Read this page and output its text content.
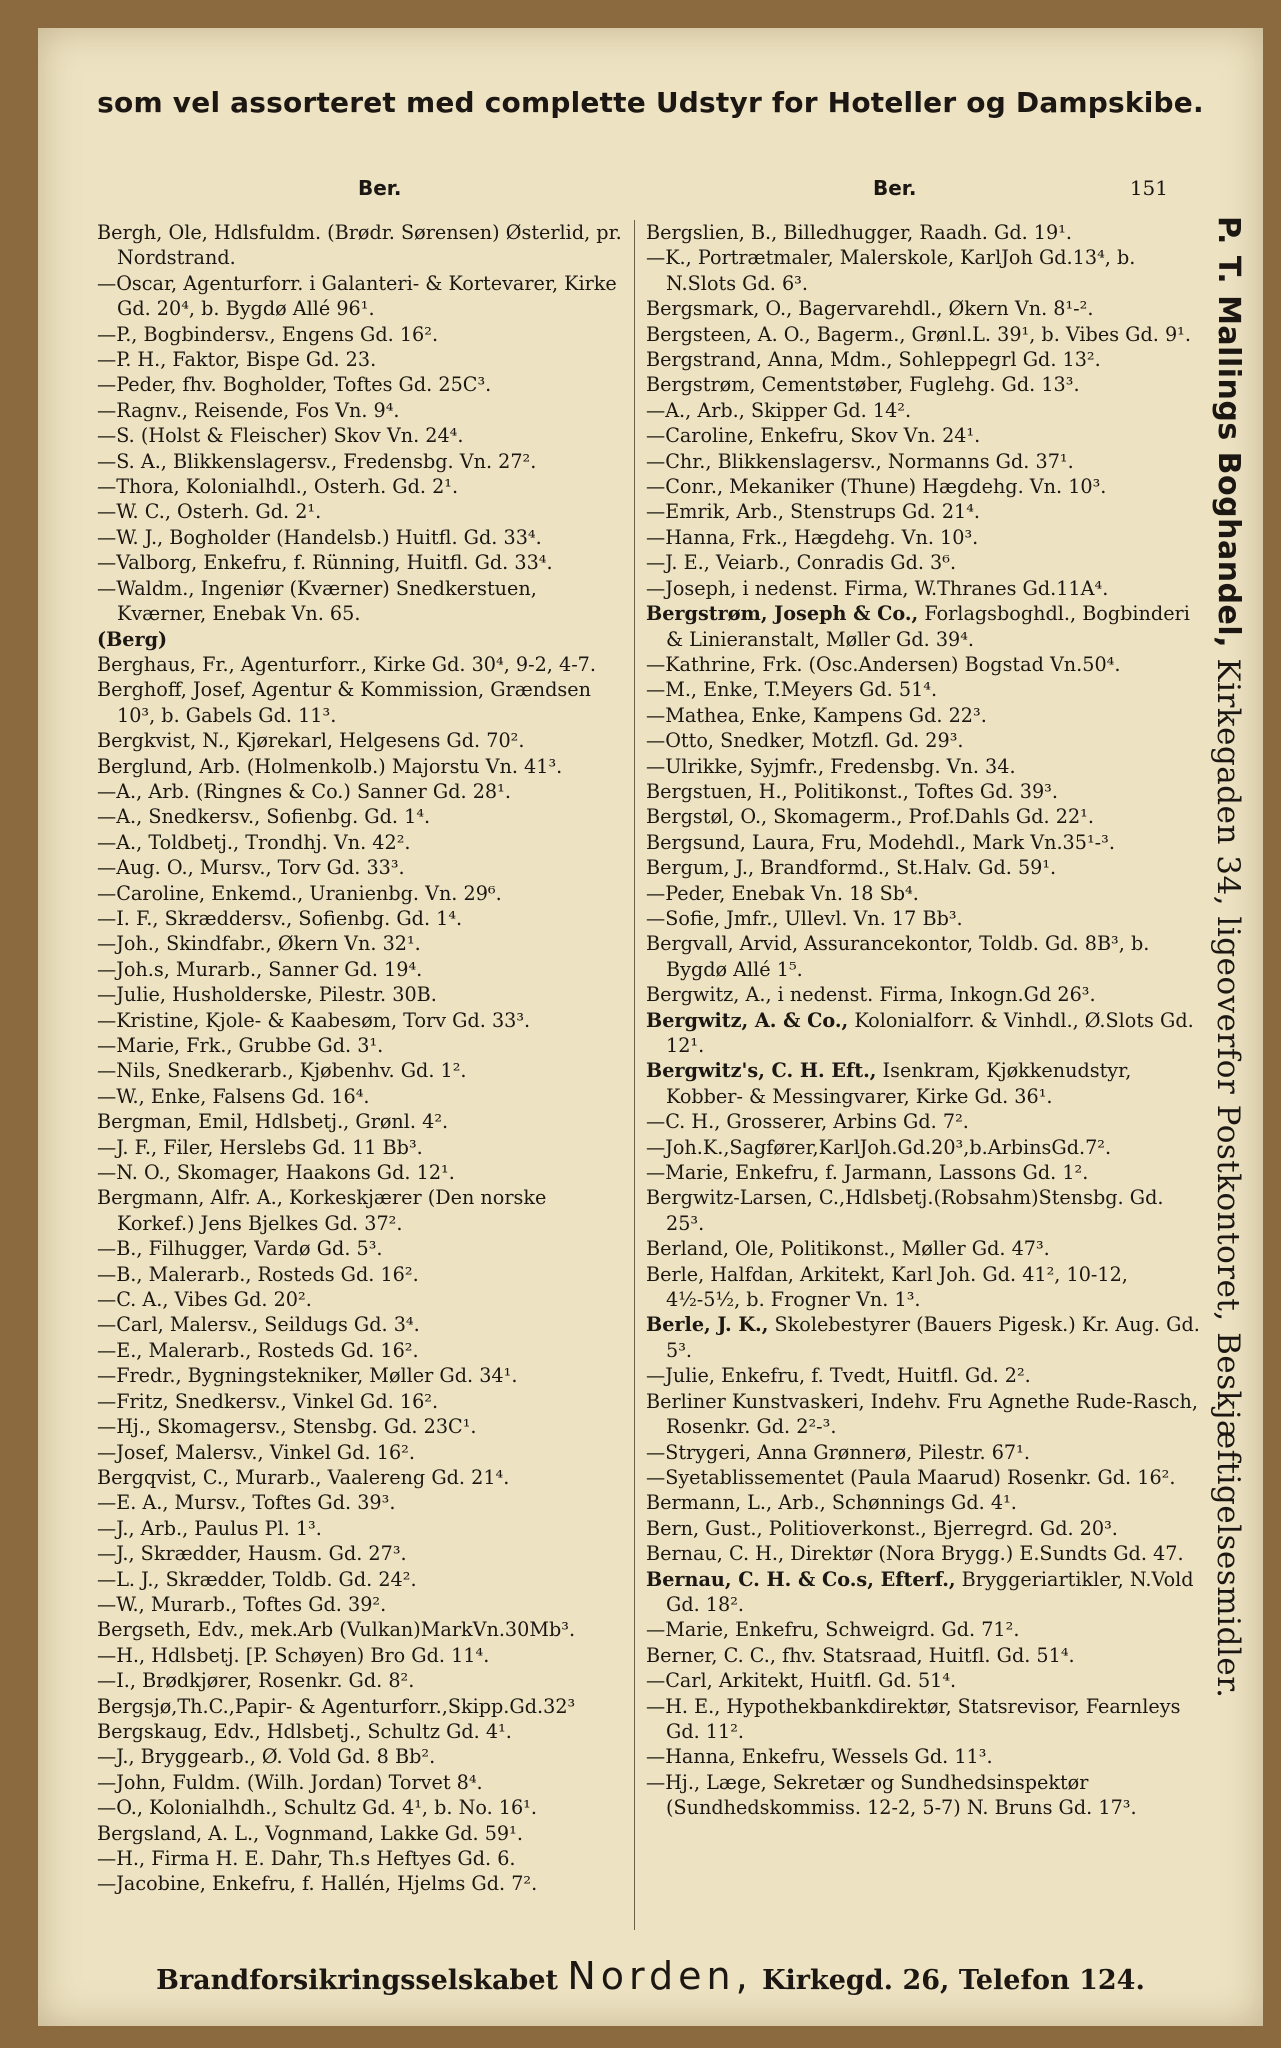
som vel assorteret med complette Udstyr for Hoteller og Dampskibe.
Ber.	Ber.	151
Bergh, Ole, Hdlsfuldm. (Brødr. Sørensen) Østerlid, pr. Nordstrand.
—Oscar, Agenturforr. i Galanteri- & Kortevarer, Kirke Gd. 20⁴, b. Bygdø Allé 96¹.
—P., Bogbindersv., Engens Gd. 16².
—P. H., Faktor, Bispe Gd. 23.
—Peder, fhv. Bogholder, Toftes Gd. 25C³.
—Ragnv., Reisende, Fos Vn. 9⁴.
—S. (Holst & Fleischer) Skov Vn. 24⁴.
—S. A., Blikkenslagersv., Fredensbg. Vn. 27².
—Thora, Kolonialhdl., Osterh. Gd. 2¹.
—W. C., Osterh. Gd. 2¹.
—W. J., Bogholder (Handelsb.) Huitfl. Gd. 33⁴.
—Valborg, Enkefru, f. Rünning, Huitfl. Gd. 33⁴.
—Waldm., Ingeniør (Kværner) Snedkerstuen, Kværner, Enebak Vn. 65.
(Berg)
Berghaus, Fr., Agenturforr., Kirke Gd. 30⁴, 9-2, 4-7.
Berghoff, Josef, Agentur & Kommission, Grændsen 10³, b. Gabels Gd. 11³.
Bergkvist, N., Kjørekarl, Helgesens Gd. 70².
Berglund, Arb. (Holmenkolb.) Majorstu Vn. 41³.
—A., Arb. (Ringnes & Co.) Sanner Gd. 28¹.
—A., Snedkersv., Sofienbg. Gd. 1⁴.
—A., Toldbetj., Trondhj. Vn. 42².
—Aug. O., Mursv., Torv Gd. 33³.
—Caroline, Enkemd., Uranienbg. Vn. 29⁶.
—I. F., Skræddersv., Sofienbg. Gd. 1⁴.
—Joh., Skindfabr., Økern Vn. 32¹.
—Joh.s, Murarb., Sanner Gd. 19⁴.
—Julie, Husholderske, Pilestr. 30B.
—Kristine, Kjole- & Kaabesøm, Torv Gd. 33³.
—Marie, Frk., Grubbe Gd. 3¹.
—Nils, Snedkerarb., Kjøbenhv. Gd. 1².
—W., Enke, Falsens Gd. 16⁴.
Bergman, Emil, Hdlsbetj., Grønl. 4².
—J. F., Filer, Herslebs Gd. 11 Bb³.
—N. O., Skomager, Haakons Gd. 12¹.
Bergmann, Alfr. A., Korkeskjærer (Den norske Korkef.) Jens Bjelkes Gd. 37².
—B., Filhugger, Vardø Gd. 5³.
—B., Malerarb., Rosteds Gd. 16².
—C. A., Vibes Gd. 20².
—Carl, Malersv., Seildugs Gd. 3⁴.
—E., Malerarb., Rosteds Gd. 16².
—Fredr., Bygningstekniker, Møller Gd. 34¹.
—Fritz, Snedkersv., Vinkel Gd. 16².
—Hj., Skomagersv., Stensbg. Gd. 23C¹.
—Josef, Malersv., Vinkel Gd. 16².
Bergqvist, C., Murarb., Vaalereng Gd. 21⁴.
—E. A., Mursv., Toftes Gd. 39³.
—J., Arb., Paulus Pl. 1³.
—J., Skrædder, Hausm. Gd. 27³.
—L. J., Skrædder, Toldb. Gd. 24².
—W., Murarb., Toftes Gd. 39².
Bergseth, Edv., mek.Arb (Vulkan)MarkVn.30Mb³.
—H., Hdlsbetj. [P. Schøyen) Bro Gd. 11⁴.
—I., Brødkjører, Rosenkr. Gd. 8².
Bergsjø,Th.C.,Papir- & Agenturforr.,Skipp.Gd.32³
Bergskaug, Edv., Hdlsbetj., Schultz Gd. 4¹.
—J., Bryggearb., Ø. Vold Gd. 8 Bb².
—John, Fuldm. (Wilh. Jordan) Torvet 8⁴.
—O., Kolonialhdh., Schultz Gd. 4¹, b. No. 16¹.
Bergsland, A. L., Vognmand, Lakke Gd. 59¹.
—H., Firma H. E. Dahr, Th.s Heftyes Gd. 6.
—Jacobine, Enkefru, f. Hallén, Hjelms Gd. 7².
Bergslien, B., Billedhugger, Raadh. Gd. 19¹.
—K., Portrætmaler, Malerskole, KarlJoh Gd.13⁴, b. N.Slots Gd. 6³.
Bergsmark, O., Bagervarehdl., Økern Vn. 8¹-².
Bergsteen, A. O., Bagerm., Grønl.L. 39¹, b. Vibes Gd. 9¹.
Bergstrand, Anna, Mdm., Sohleppegrl Gd. 13².
Bergstrøm, Cementstøber, Fuglehg. Gd. 13³.
—A., Arb., Skipper Gd. 14².
—Caroline, Enkefru, Skov Vn. 24¹.
—Chr., Blikkenslagersv., Normanns Gd. 37¹.
—Conr., Mekaniker (Thune) Hægdehg. Vn. 10³.
—Emrik, Arb., Stenstrups Gd. 21⁴.
—Hanna, Frk., Hægdehg. Vn. 10³.
—J. E., Veiarb., Conradis Gd. 3⁶.
—Joseph, i nedenst. Firma, W.Thranes Gd.11A⁴.
Bergstrøm, Joseph & Co., Forlagsboghdl., Bogbinderi & Linieranstalt, Møller Gd. 39⁴.
—Kathrine, Frk. (Osc.Andersen) Bogstad Vn.50⁴.
—M., Enke, T.Meyers Gd. 51⁴.
—Mathea, Enke, Kampens Gd. 22³.
—Otto, Snedker, Motzfl. Gd. 29³.
—Ulrikke, Syjmfr., Fredensbg. Vn. 34.
Bergstuen, H., Politikonst., Toftes Gd. 39³.
Bergstøl, O., Skomagerm., Prof.Dahls Gd. 22¹.
Bergsund, Laura, Fru, Modehdl., Mark Vn.35¹-³.
Bergum, J., Brandformd., St.Halv. Gd. 59¹.
—Peder, Enebak Vn. 18 Sb⁴.
—Sofie, Jmfr., Ullevl. Vn. 17 Bb³.
Bergvall, Arvid, Assurancekontor, Toldb. Gd. 8B³, b. Bygdø Allé 1⁵.
Bergwitz, A., i nedenst. Firma, Inkogn.Gd 26³.
Bergwitz, A. & Co., Kolonialforr. & Vinhdl., Ø.Slots Gd. 12¹.
Bergwitz's, C. H. Eft., Isenkram, Kjøkkenudstyr, Kobber- & Messingvarer, Kirke Gd. 36¹.
—C. H., Grosserer, Arbins Gd. 7².
—Joh.K.,Sagfører,KarlJoh.Gd.20³,b.ArbinsGd.7².
—Marie, Enkefru, f. Jarmann, Lassons Gd. 1².
Bergwitz-Larsen, C.,Hdlsbetj.(Robsahm)Stensbg. Gd. 25³.
Berland, Ole, Politikonst., Møller Gd. 47³.
Berle, Halfdan, Arkitekt, Karl Joh. Gd. 41², 10-12, 4½-5½, b. Frogner Vn. 1³.
Berle, J. K., Skolebestyrer (Bauers Pigesk.) Kr. Aug. Gd. 5³.
—Julie, Enkefru, f. Tvedt, Huitfl. Gd. 2².
Berliner Kunstvaskeri, Indehv. Fru Agnethe Rude-Rasch, Rosenkr. Gd. 2²-³.
—Strygeri, Anna Grønnerø, Pilestr. 67¹.
—Syetablissementet (Paula Maarud) Rosenkr. Gd. 16².
Bermann, L., Arb., Schønnings Gd. 4¹.
Bern, Gust., Politioverkonst., Bjerregrd. Gd. 20³.
Bernau, C. H., Direktør (Nora Brygg.) E.Sundts Gd. 47.
Bernau, C. H. & Co.s, Efterf., Bryggeriartikler, N.Vold Gd. 18².
—Marie, Enkefru, Schweigrd. Gd. 71².
Berner, C. C., fhv. Statsraad, Huitfl. Gd. 51⁴.
—Carl, Arkitekt, Huitfl. Gd. 51⁴.
—H. E., Hypothekbankdirektør, Statsrevisor, Fearnleys Gd. 11².
—Hanna, Enkefru, Wessels Gd. 11³.
—Hj., Læge, Sekretær og Sundhedsinspektør (Sundhedskommiss. 12-2, 5-7) N. Bruns Gd. 17³.
P. T. Mallings Boghandel, Kirkegaden 34, ligeoverfor Postkontoret, Beskjæftigelsesmidler.
Brandforsikringsselskabet Norden, Kirkegd. 26, Telefon 124.
